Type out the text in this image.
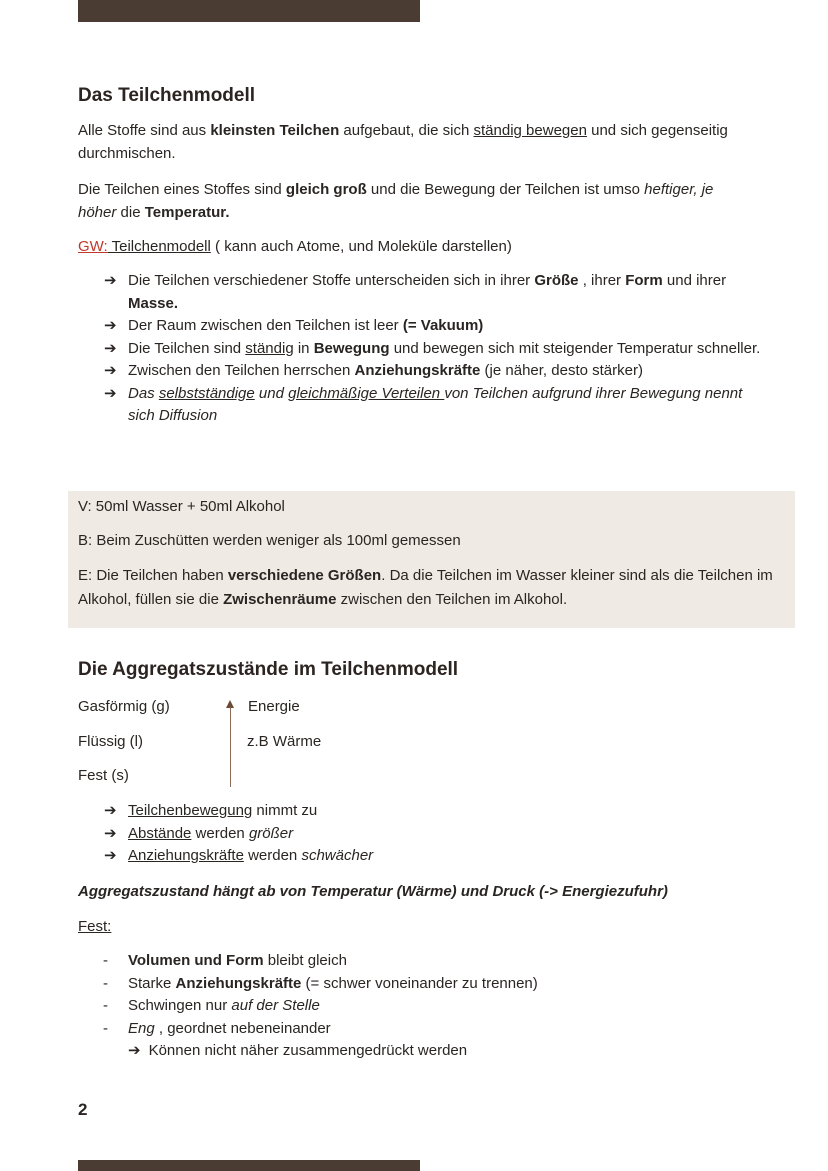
Das Teilchenmodell

Alle Stoffe sind aus kleinsten Teilchen aufgebaut, die sich ständig bewegen und sich gegenseitig durchmischen.

Die Teilchen eines Stoffes sind gleich groß und die Bewegung der Teilchen ist umso heftiger, je höher die Temperatur.

GW: Teilchenmodell ( kann auch Atome, und Moleküle darstellen)

➔ Die Teilchen verschiedener Stoffe unterscheiden sich in ihrer Größe , ihrer Form und ihrer Masse.
➔ Der Raum zwischen den Teilchen ist leer (= Vakuum)
➔ Die Teilchen sind ständig in Bewegung und bewegen sich mit steigender Temperatur schneller.
➔ Zwischen den Teilchen herrschen Anziehungskräfte (je näher, desto stärker)
➔ Das selbstständige und gleichmäßige Verteilen von Teilchen aufgrund ihrer Bewegung nennt sich Diffusion
V: 50ml Wasser + 50ml Alkohol
B: Beim Zuschütten werden weniger als 100ml gemessen
E: Die Teilchen haben verschiedene Größen. Da die Teilchen im Wasser kleiner sind als die Teilchen im Alkohol, füllen sie die Zwischenräume zwischen den Teilchen im Alkohol.
Die Aggregatszustände im Teilchenmodell
Gasförmig (g)
Flüssig (l)
Fest (s)
Energie
z.B Wärme
➔ Teilchenbewegung nimmt zu
➔ Abstände werden größer
➔ Anziehungskräfte werden schwächer

Aggregatszustand hängt ab von Temperatur (Wärme) und Druck (-> Energiezufuhr)

Fest:

- Volumen und Form bleibt gleich
- Starke Anziehungskräfte (= schwer voneinander zu trennen)
- Schwingen nur auf der Stelle
- Eng , geordnet nebeneinander
➔ Können nicht näher zusammengedrückt werden
2
